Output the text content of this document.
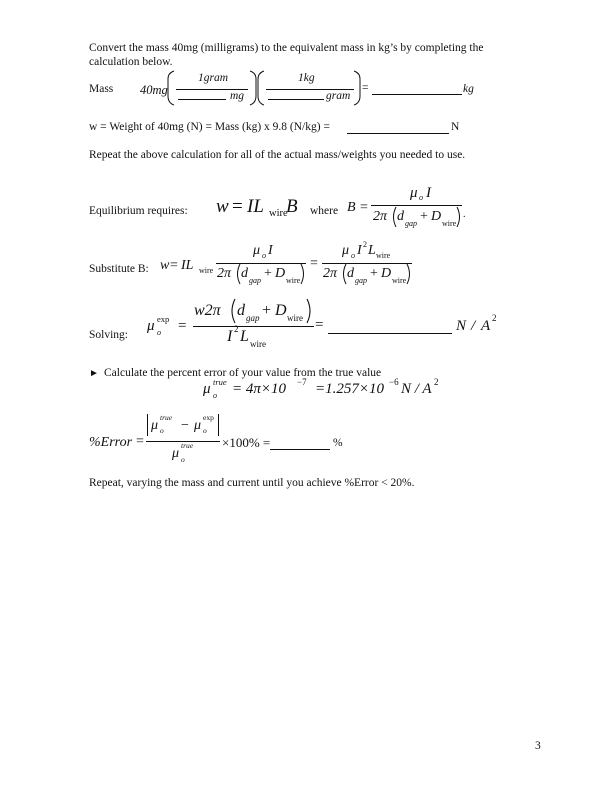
Convert the mass 40mg (milligrams) to the equivalent mass in kg’s by completing the
calculation below.
Mass 40mg
1gram
mg
1kg
gram
=	kg
w = Weight of 40mg (N) = Mass (kg) x 9.8 (N/kg) =	N
Repeat the above calculation for all of the actual mass/weights you needed to use.
Equilibrium requires: w = IL wire
B where B =
μ o I
2π d gap + D wire
.
Substitute B: w = IL wire
μ o I
2π d gap + D wire
=
μ o I 2 L wire
2π d gap + D wire
Solving:
μ o
exp =
w2π d gap + D wire
I 2 L wire
=	N / A 2
► Calculate the percent error of your value from the true value
μ o
true = 4π×10 −7 =1.257×10 −6 N / A 2
%Error =
μ o
true
− μ o
exp
μ o
true ×100% =	%
Repeat, varying the mass and current until you achieve %Error < 20%.
3
